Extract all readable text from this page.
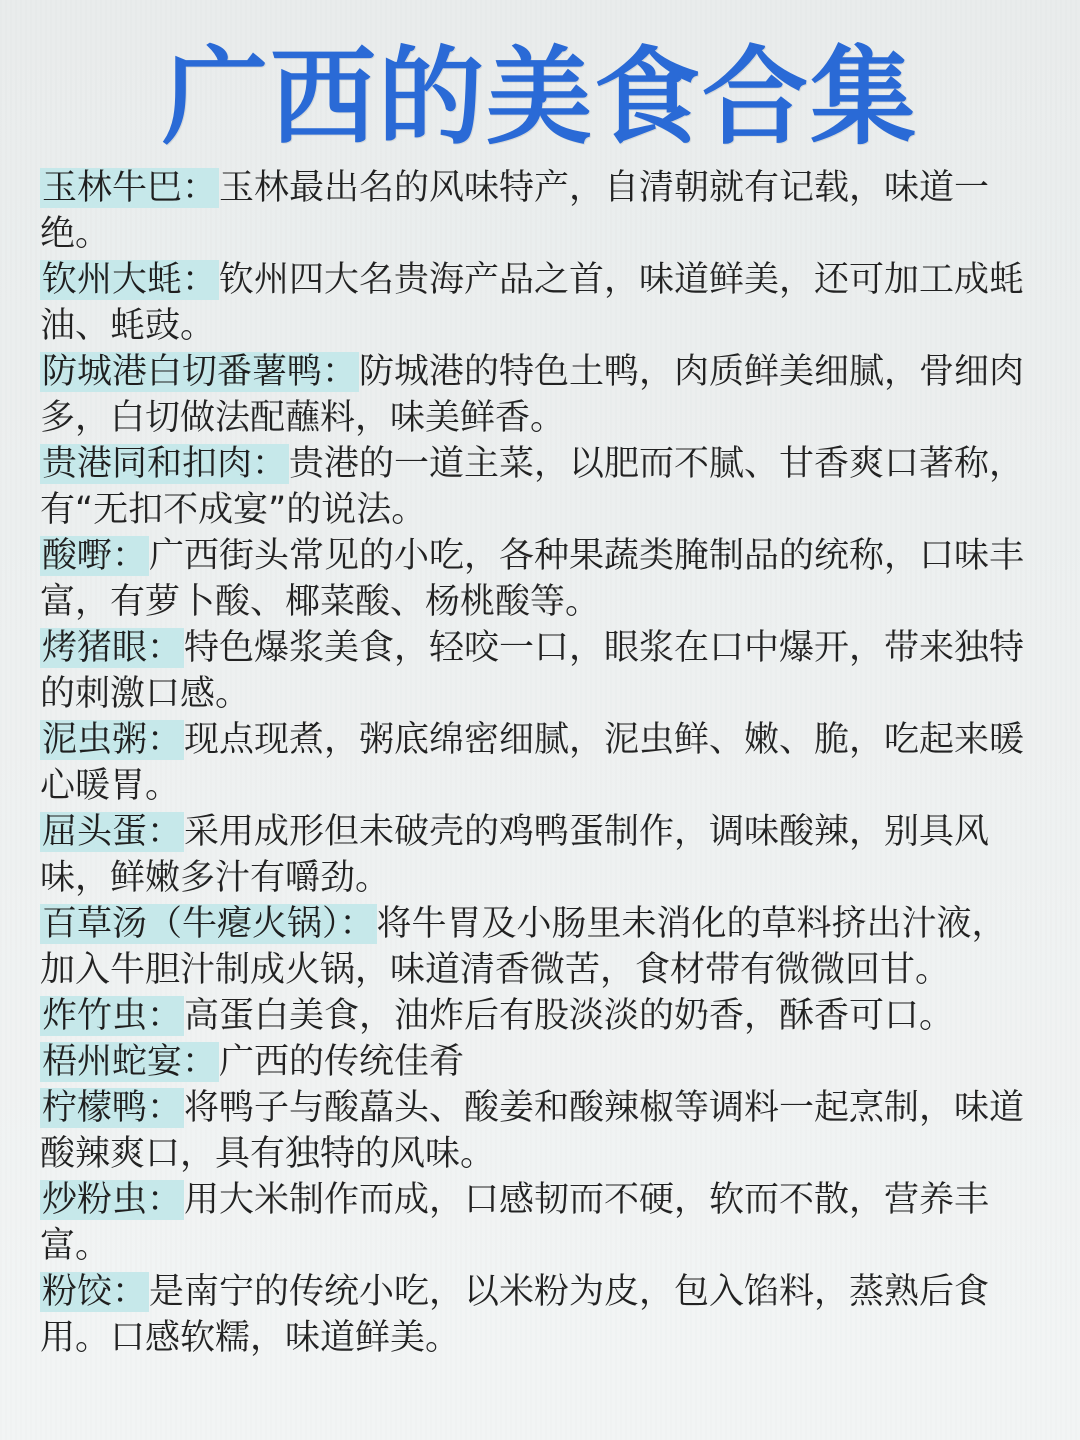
广西的美食合集

玉林牛巴：玉林最出名的风味特产，自清朝就有记载，味道一绝。

钦州大蚝：钦州四大名贵海产品之首，味道鲜美，还可加工成蚝油、蚝豉。

防城港白切番薯鸭：防城港的特色土鸭，肉质鲜美细腻，骨细肉多，白切做法配蘸料，味美鲜香。

贵港同和扣肉：贵港的一道主菜，以肥而不腻、甘香爽口著称，有“无扣不成宴”的说法。

酸嘢：广西街头常见的小吃，各种果蔬类腌制品的统称，口味丰富，有萝卜酸、椰菜酸、杨桃酸等。

烤猪眼：特色爆浆美食，轻咬一口，眼浆在口中爆开，带来独特的刺激口感。

泥虫粥：现点现煮，粥底绵密细腻，泥虫鲜、嫩、脆，吃起来暖心暖胃。

屈头蛋：采用成形但未破壳的鸡鸭蛋制作，调味酸辣，别具风味，鲜嫩多汁有嚼劲。

百草汤（牛瘪火锅）：将牛胃及小肠里未消化的草料挤出汁液，加入牛胆汁制成火锅，味道清香微苦，食材带有微微回甘。

炸竹虫：高蛋白美食，油炸后有股淡淡的奶香，酥香可口。

梧州蛇宴：广西的传统佳肴

柠檬鸭：将鸭子与酸藠头、酸姜和酸辣椒等调料一起烹制，味道酸辣爽口，具有独特的风味。

炒粉虫：用大米制作而成，口感韧而不硬，软而不散，营养丰富。

粉饺：是南宁的传统小吃，以米粉为皮，包入馅料，蒸熟后食用。口感软糯，味道鲜美。
